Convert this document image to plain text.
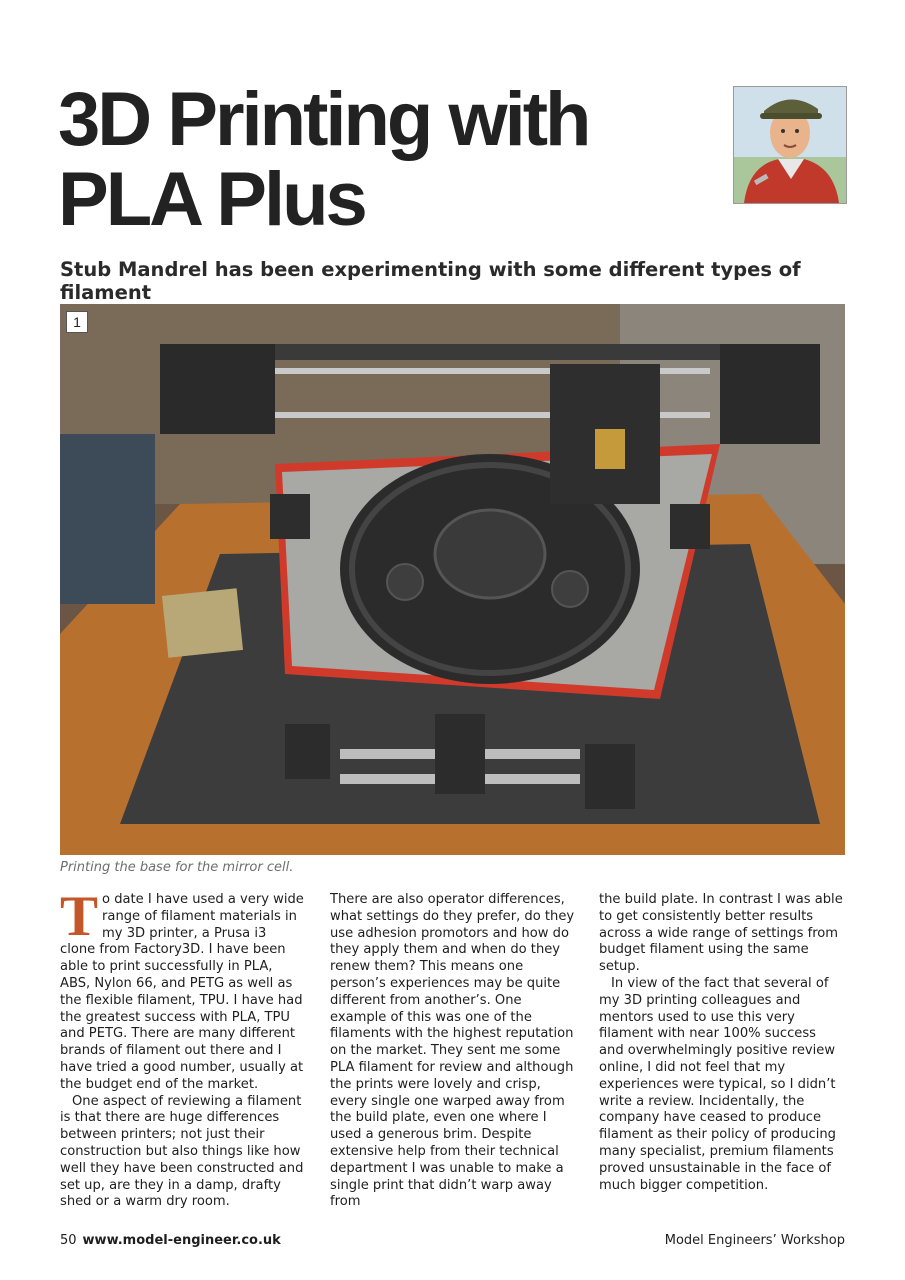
3D Printing with
PLA Plus
Stub Mandrel has been experimenting with some different types of filament
1
Printing the base for the mirror cell.

To date I have used a very wide range of filament materials in my 3D printer, a Prusa i3 clone from Factory3D. I have been able to print successfully in PLA, ABS, Nylon 66, and PETG as well as the flexible filament, TPU. I have had the greatest success with PLA, TPU and PETG. There are many different brands of filament out there and I have tried a good number, usually at the budget end of the market.

One aspect of reviewing a filament is that there are huge differences between printers; not just their construction but also things like how well they have been constructed and set up, are they in a damp, drafty shed or a warm dry room.

There are also operator differences, what settings do they prefer, do they use adhesion promotors and how do they apply them and when do they renew them? This means one person’s experiences may be quite different from another’s. One example of this was one of the filaments with the highest reputation on the market. They sent me some PLA filament for review and although the prints were lovely and crisp, every single one warped away from the build plate, even one where I used a generous brim. Despite extensive help from their technical department I was unable to make a single print that didn’t warp away from

the build plate. In contrast I was able to get consistently better results across a wide range of settings from budget filament using the same setup.

In view of the fact that several of my 3D printing colleagues and mentors used to use this very filament with near 100% success and overwhelmingly positive review online, I did not feel that my experiences were typical, so I didn’t write a review. Incidentally, the company have ceased to produce filament as their policy of producing many specialist, premium filaments proved unsustainable in the face of much bigger competition.

50 www.model-engineer.co.uk	Model Engineers’ Workshop
